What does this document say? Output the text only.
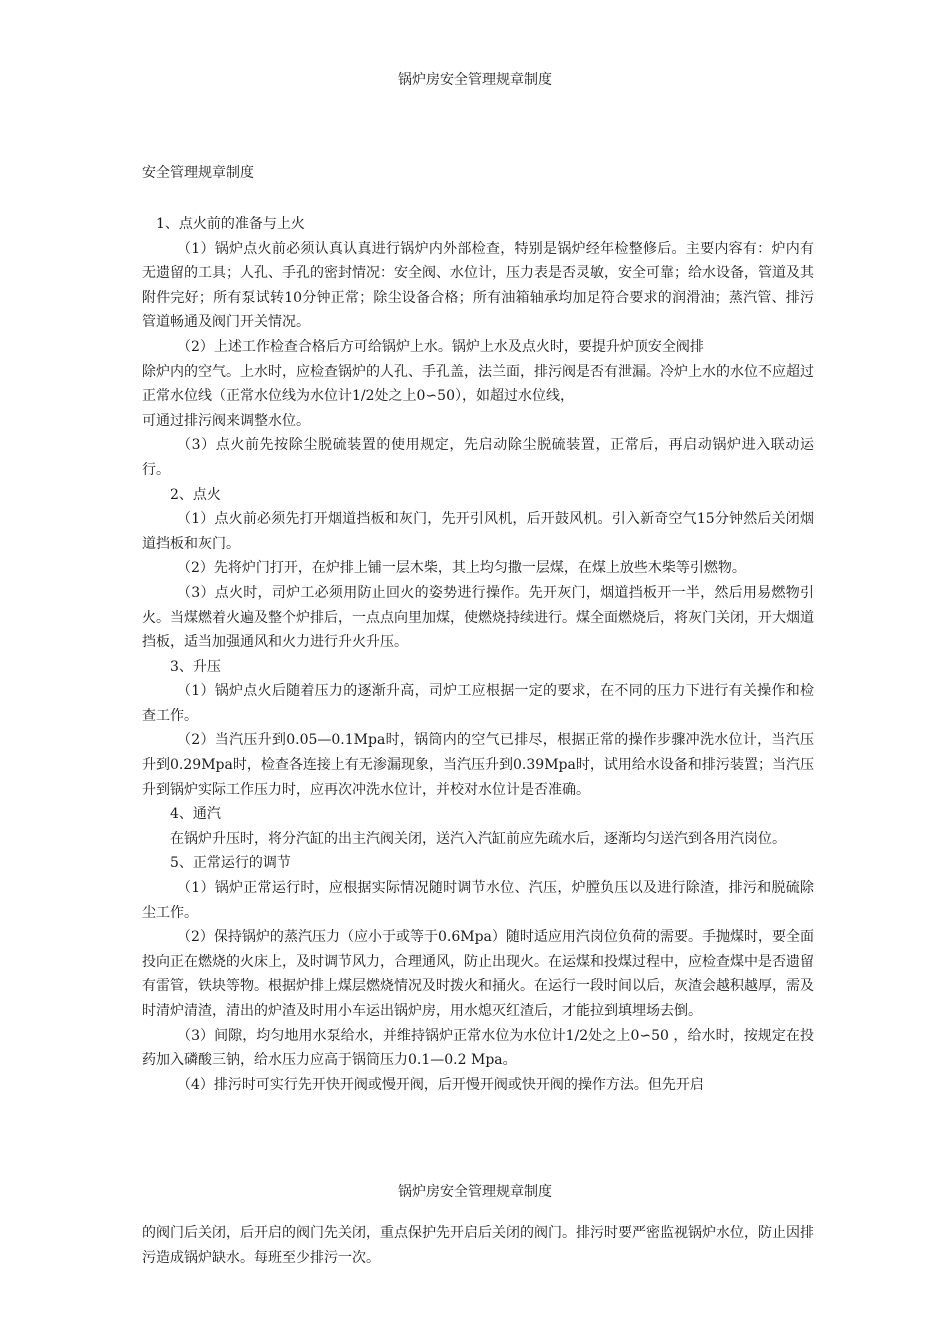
锅炉房安全管理规章制度
安全管理规章制度

1、点火前的准备与上火

（1）锅炉点火前必须认真认真进行锅炉内外部检查，特别是锅炉经年检整修后。主要内容有：炉内有无遗留的工具；人孔、手孔的密封情况：安全阀、水位计，压力表是否灵敏，安全可靠；给水设备，管道及其附件完好；所有泵试转10分钟正常；除尘设备合格；所有油箱轴承均加足符合要求的润滑油；蒸汽管、排污管道畅通及阀门开关情况。

（2）上述工作检查合格后方可给锅炉上水。锅炉上水及点火时，要提升炉顶安全阀排

除炉内的空气。上水时，应检查锅炉的人孔、手孔盖，法兰面，排污阀是否有泄漏。冷炉上水的水位不应超过正常水位线（正常水位线为水位计1/2处之上0∽50），如超过水位线，

可通过排污阀来调整水位。

（3）点火前先按除尘脱硫装置的使用规定，先启动除尘脱硫装置，正常后，再启动锅炉进入联动运行。

2、点火

（1）点火前必须先打开烟道挡板和灰门，先开引风机，后开鼓风机。引入新奇空气15分钟然后关闭烟道挡板和灰门。

（2）先将炉门打开，在炉排上铺一层木柴，其上均匀撒一层煤，在煤上放些木柴等引燃物。

（3）点火时，司炉工必须用防止回火的姿势进行操作。先开灰门，烟道挡板开一半，然后用易燃物引火。当煤燃着火遍及整个炉排后，一点点向里加煤，使燃烧持续进行。煤全面燃烧后，将灰门关闭，开大烟道挡板，适当加强通风和火力进行升火升压。

3、升压

（1）锅炉点火后随着压力的逐渐升高，司炉工应根据一定的要求，在不同的压力下进行有关操作和检查工作。

（2）当汽压升到0.05—0.1Mpa时，锅筒内的空气已排尽，根据正常的操作步骤冲洗水位计，当汽压升到0.29Mpa时，检查各连接上有无渗漏现象，当汽压升到0.39Mpa时，试用给水设备和排污装置；当汽压升到锅炉实际工作压力时，应再次冲洗水位计，并校对水位计是否准确。

4、通汽

在锅炉升压时，将分汽缸的出主汽阀关闭，送汽入汽缸前应先疏水后，逐渐均匀送汽到各用汽岗位。

5、正常运行的调节

（1）锅炉正常运行时，应根据实际情况随时调节水位、汽压，炉膛负压以及进行除渣，排污和脱硫除尘工作。

（2）保持锅炉的蒸汽压力（应小于或等于0.6Mpa）随时适应用汽岗位负荷的需要。手抛煤时，要全面投向正在燃烧的火床上，及时调节风力，合理通风，防止出现火。在运煤和投煤过程中，应检查煤中是否遗留有雷管，铁块等物。根据炉排上煤层燃烧情况及时拨火和捅火。在运行一段时间以后，灰渣会越积越厚，需及时清炉清渣，清出的炉渣及时用小车运出锅炉房，用水熄灭红渣后，才能拉到填埋场去倒。

（3）间隙，均匀地用水泵给水，并维持锅炉正常水位为水位计1/2处之上0∽50 ，给水时，按规定在投药加入磷酸三钠，给水压力应高于锅筒压力0.1—0.2 Mpa。

（4）排污时可实行先开快开阀或慢开阀，后开慢开阀或快开阀的操作方法。但先开启

锅炉房安全管理规章制度
的阀门后关闭，后开启的阀门先关闭，重点保护先开启后关闭的阀门。排污时要严密监视锅炉水位，防止因排污造成锅炉缺水。每班至少排污一次。
